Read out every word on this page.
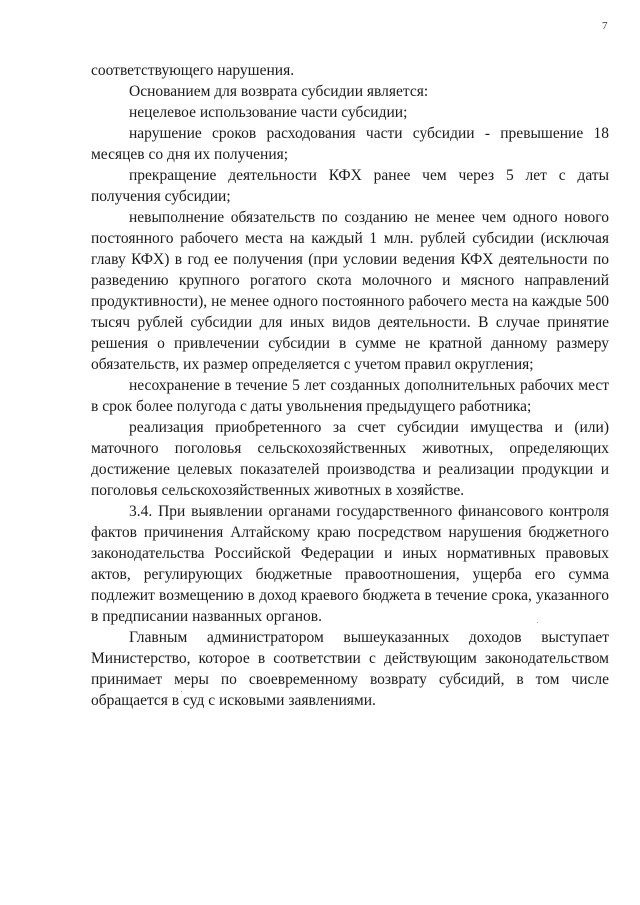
7

соответствующего нарушения.

Основанием для возврата субсидии является:

нецелевое использование части субсидии;

нарушение сроков расходования части субсидии - превышение 18 месяцев со дня их получения;

прекращение деятельности КФХ ранее чем через 5 лет с даты получения субсидии;

невыполнение обязательств по созданию не менее чем одного нового постоянного рабочего места на каждый 1 млн. рублей субсидии (исключая главу КФХ) в год ее получения (при условии ведения КФХ деятельности по разведению крупного рогатого скота молочного и мясного направлений продуктивности), не менее одного постоянного рабочего места на каждые 500 тысяч рублей субсидии для иных видов деятельности. В случае принятие решения о привлечении субсидии в сумме не кратной данному размеру обязательств, их размер определяется с учетом правил округления;

несохранение в течение 5 лет созданных дополнительных рабочих мест в срок более полугода с даты увольнения предыдущего работника;

реализация приобретенного за счет субсидии имущества и (или) маточного поголовья сельскохозяйственных животных, определяющих достижение целевых показателей производства и реализации продукции и поголовья сельскохозяйственных животных в хозяйстве.

3.4. При выявлении органами государственного финансового контроля фактов причинения Алтайскому краю посредством нарушения бюджетного законодательства Российской Федерации и иных нормативных правовых актов, регулирующих бюджетные правоотношения, ущерба его сумма подлежит возмещению в доход краевого бюджета в течение срока, указанного в предписании названных органов.

Главным администратором вышеуказанных доходов выступает Министерство, которое в соответствии с действующим законодательством принимает меры по своевременному возврату субсидий, в том числе обращается в суд с исковыми заявлениями.
